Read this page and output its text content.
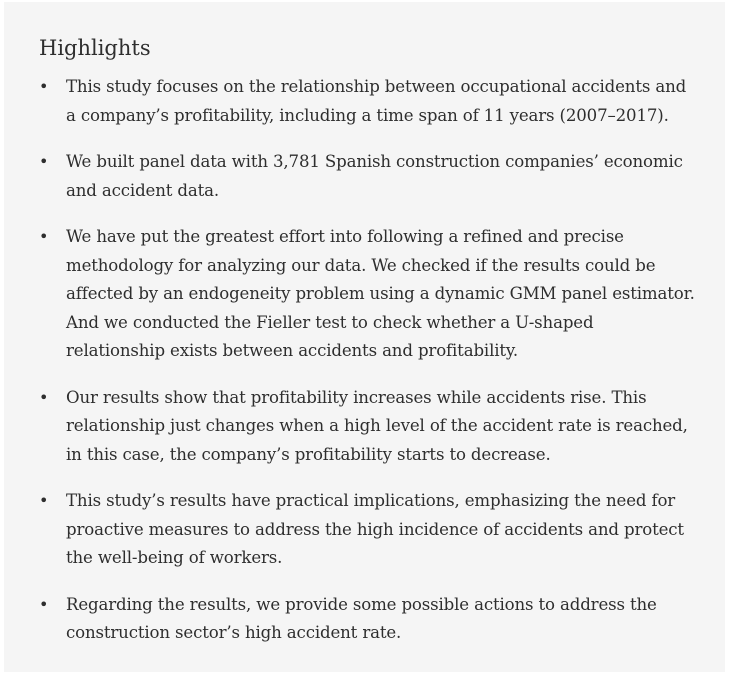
Highlights
• This study focuses on the relationship between occupational accidents and a company’s profitability, including a time span of 11 years (2007–2017).
• We built panel data with 3,781 Spanish construction companies’ economic and accident data.
• We have put the greatest effort into following a refined and precise methodology for analyzing our data. We checked if the results could be affected by an endogeneity problem using a dynamic GMM panel estimator. And we conducted the Fieller test to check whether a U-shaped relationship exists between accidents and profitability.
• Our results show that profitability increases while accidents rise. This relationship just changes when a high level of the accident rate is reached, in this case, the company’s profitability starts to decrease.
• This study’s results have practical implications, emphasizing the need for proactive measures to address the high incidence of accidents and protect the well-being of workers.
• Regarding the results, we provide some possible actions to address the construction sector’s high accident rate.
